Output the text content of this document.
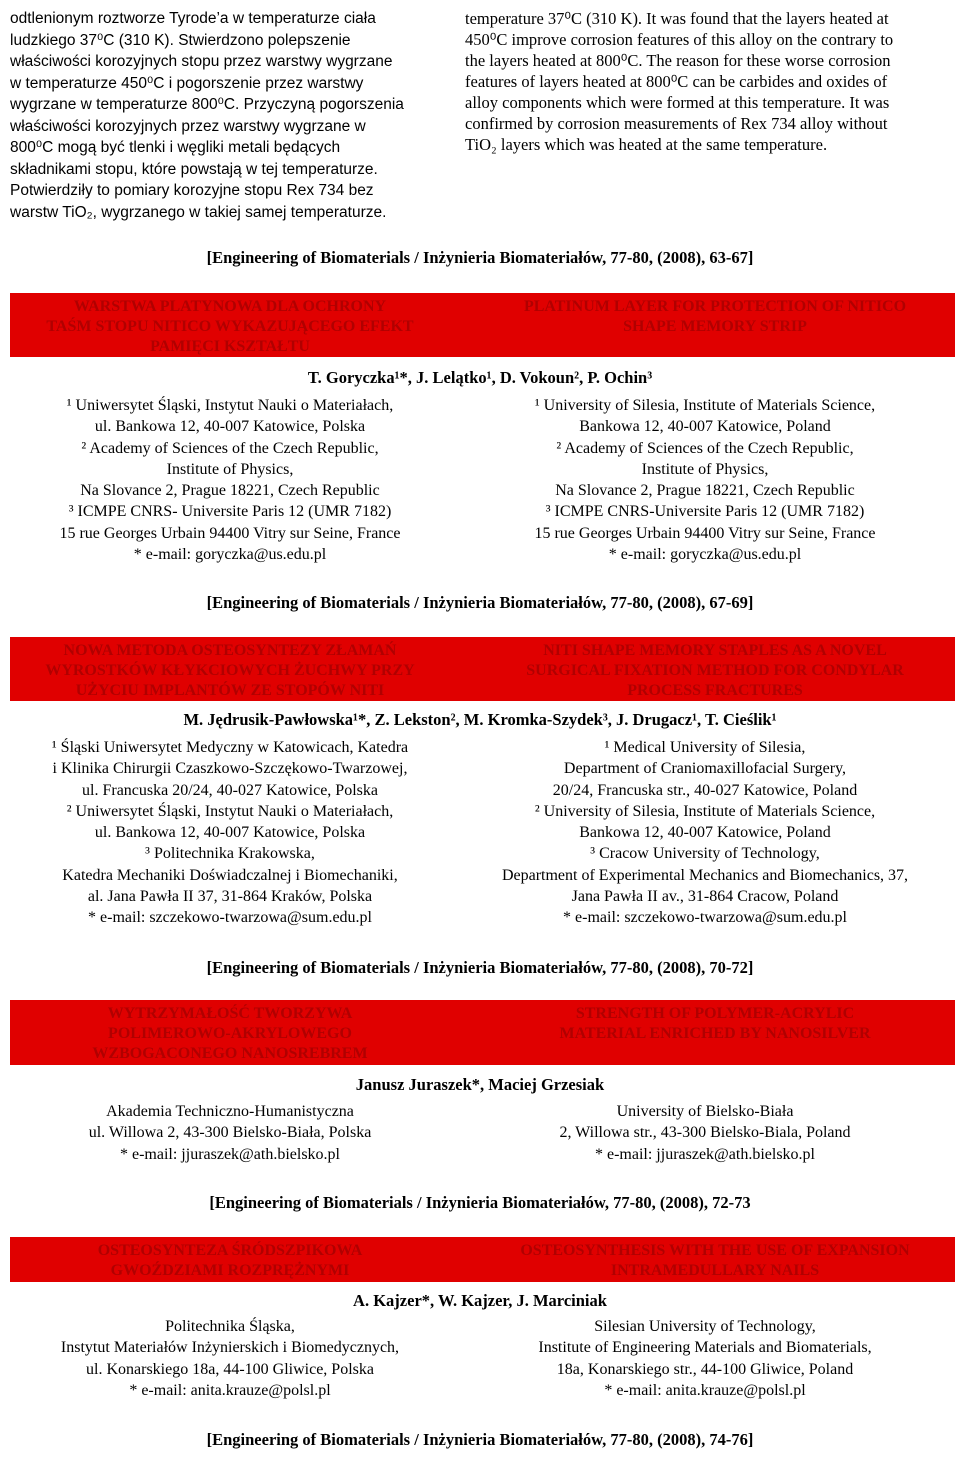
odtlenionym roztworze Tyrode’a w temperaturze ciała
ludzkiego 37⁰C (310 K). Stwierdzono polepszenie
właściwości korozyjnych stopu przez warstwy wygrzane
w temperaturze 450⁰C i pogorszenie przez warstwy
wygrzane w temperaturze 800⁰C. Przyczyną pogorszenia
właściwości korozyjnych przez warstwy wygrzane w
800⁰C mogą być tlenki i węgliki metali będących
składnikami stopu, które powstają w tej temperaturze.
Potwierdziły to pomiary korozyjne stopu Rex 734 bez
warstw TiO₂, wygrzanego w takiej samej temperaturze.
temperature 37⁰C (310 K). It was found that the layers heated at
450⁰C improve corrosion features of this alloy on the contrary to
the layers heated at 800⁰C. The reason for these worse corrosion
features of layers heated at 800⁰C can be carbides and oxides of
alloy components which were formed at this temperature. It was
confirmed by corrosion measurements of Rex 734 alloy without
TiO₂ layers which was heated at the same temperature.
[Engineering of Biomaterials / Inżynieria Biomateriałów, 77-80, (2008), 63-67]
WARSTWA PLATYNOWA DLA OCHRONY
TAŚM STOPU NITICO WYKAZUJĄCEGO EFEKT
PAMIĘCI KSZTAŁTU
PLATINUM LAYER FOR PROTECTION OF NITICO
SHAPE MEMORY STRIP
T. Goryczka¹*, J. Lelątko¹, D. Vokoun², P. Ochin³
¹ Uniwersytet Śląski, Instytut Nauki o Materiałach,
ul. Bankowa 12, 40-007 Katowice, Polska
² Academy of Sciences of the Czech Republic,
Institute of Physics,
Na Slovance 2, Prague 18221, Czech Republic
³ ICMPE CNRS- Universite Paris 12 (UMR 7182)
15 rue Georges Urbain 94400 Vitry sur Seine, France
* e-mail: goryczka@us.edu.pl
¹ University of Silesia, Institute of Materials Science,
Bankowa 12, 40-007 Katowice, Poland
² Academy of Sciences of the Czech Republic,
Institute of Physics,
Na Slovance 2, Prague 18221, Czech Republic
³ ICMPE CNRS-Universite Paris 12 (UMR 7182)
15 rue Georges Urbain 94400 Vitry sur Seine, France
* e-mail: goryczka@us.edu.pl
[Engineering of Biomaterials / Inżynieria Biomateriałów, 77-80, (2008), 67-69]
NOWA METODA OSTEOSYNTEZY ZŁAMAŃ
WYROSTKÓW KŁYKCIOWYCH ŻUCHWY PRZY
UŻYCIU IMPLANTÓW ZE STOPÓW NITI
NITI SHAPE MEMORY STAPLES AS A NOVEL
SURGICAL FIXATION METHOD FOR CONDYLAR
PROCESS FRACTURES
M. Jędrusik-Pawłowska¹*, Z. Lekston², M. Kromka-Szydek³, J. Drugacz¹, T. Cieślik¹
¹ Śląski Uniwersytet Medyczny w Katowicach, Katedra
i Klinika Chirurgii Czaszkowo-Szczękowo-Twarzowej,
ul. Francuska 20/24, 40-027 Katowice, Polska
² Uniwersytet Śląski, Instytut Nauki o Materiałach,
ul. Bankowa 12, 40-007 Katowice, Polska
³ Politechnika Krakowska,
Katedra Mechaniki Doświadczalnej i Biomechaniki,
al. Jana Pawła II 37, 31-864 Kraków, Polska
* e-mail: szczekowo-twarzowa@sum.edu.pl
¹ Medical University of Silesia,
Department of Craniomaxillofacial Surgery,
20/24, Francuska str., 40-027 Katowice, Poland
² University of Silesia, Institute of Materials Science,
Bankowa 12, 40-007 Katowice, Poland
³ Cracow University of Technology,
Department of Experimental Mechanics and Biomechanics, 37,
Jana Pawła II av., 31-864 Cracow, Poland
* e-mail: szczekowo-twarzowa@sum.edu.pl
[Engineering of Biomaterials / Inżynieria Biomateriałów, 77-80, (2008), 70-72]
WYTRZYMAŁOŚĆ TWORZYWA
POLIMEROWO-AKRYLOWEGO
WZBOGACONEGO NANOSREBREM
STRENGTH OF POLYMER-ACRYLIC
MATERIAL ENRICHED BY NANOSILVER
Janusz Juraszek*, Maciej Grzesiak
Akademia Techniczno-Humanistyczna
ul. Willowa 2, 43-300 Bielsko-Biała, Polska
* e-mail: jjuraszek@ath.bielsko.pl
University of Bielsko-Biała
2, Willowa str., 43-300 Bielsko-Biala, Poland
* e-mail: jjuraszek@ath.bielsko.pl
[Engineering of Biomaterials / Inżynieria Biomateriałów, 77-80, (2008), 72-73
OSTEOSYNTEZA ŚRÓDSZPIKOWA
GWOŹDZIAMI ROZPRĘŻNYMI
OSTEOSYNTHESIS WITH THE USE OF EXPANSION
INTRAMEDULLARY NAILS
A. Kajzer*, W. Kajzer, J. Marciniak
Politechnika Śląska,
Instytut Materiałów Inżynierskich i Biomedycznych,
ul. Konarskiego 18a, 44-100 Gliwice, Polska
* e-mail: anita.krauze@polsl.pl
Silesian University of Technology,
Institute of Engineering Materials and Biomaterials,
18a, Konarskiego str., 44-100 Gliwice, Poland
* e-mail: anita.krauze@polsl.pl
[Engineering of Biomaterials / Inżynieria Biomateriałów, 77-80, (2008), 74-76]
